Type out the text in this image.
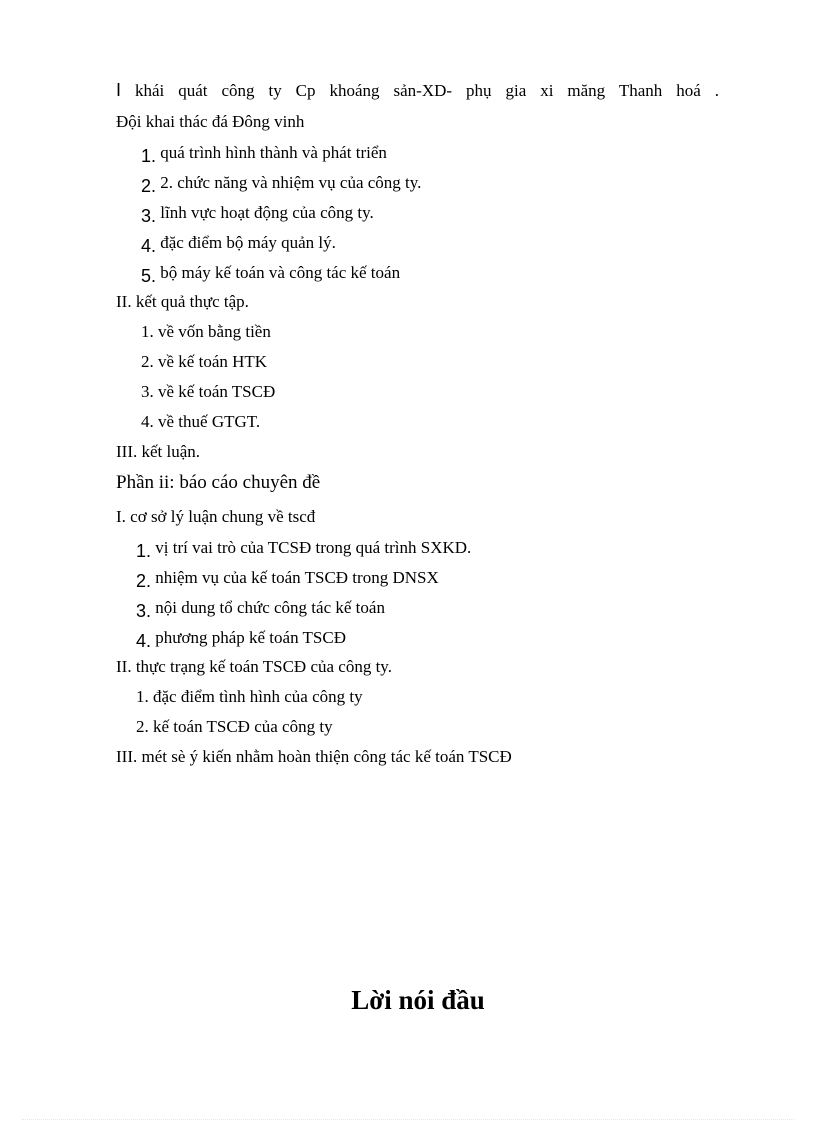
I khái quát công ty Cp khoáng sản-XD- phụ gia xi măng Thanh hoá .
Đội khai thác đá Đông vinh
1. quá trình hình thành và phát triển
2. 2. chức năng và nhiệm vụ của công ty.
3. lĩnh vực hoạt động của công ty.
4. đặc điểm bộ máy quản lý.
5. bộ máy kế toán và công tác kế toán
II. kết quả thực tập.
1. về vốn bằng tiền
2. về kế toán HTK
3. về kế toán TSCĐ
4. về thuế GTGT.
III. kết luận.
Phần ii: báo cáo chuyên đề
I. cơ sở lý luận chung về tscđ
1. vị trí vai trò của TCSĐ trong quá trình SXKD.
2. nhiệm vụ của kế toán TSCĐ trong DNSX
3. nội dung tổ chức công tác kế toán
4. phương pháp kế toán TSCĐ
II. thực trạng kế toán TSCĐ của công ty.
1. đặc điểm tình hình của công ty
2. kế toán TSCĐ của công ty
III. mét sè ý kiến nhằm hoàn thiện công tác kế toán TSCĐ
Lời nói đầu
